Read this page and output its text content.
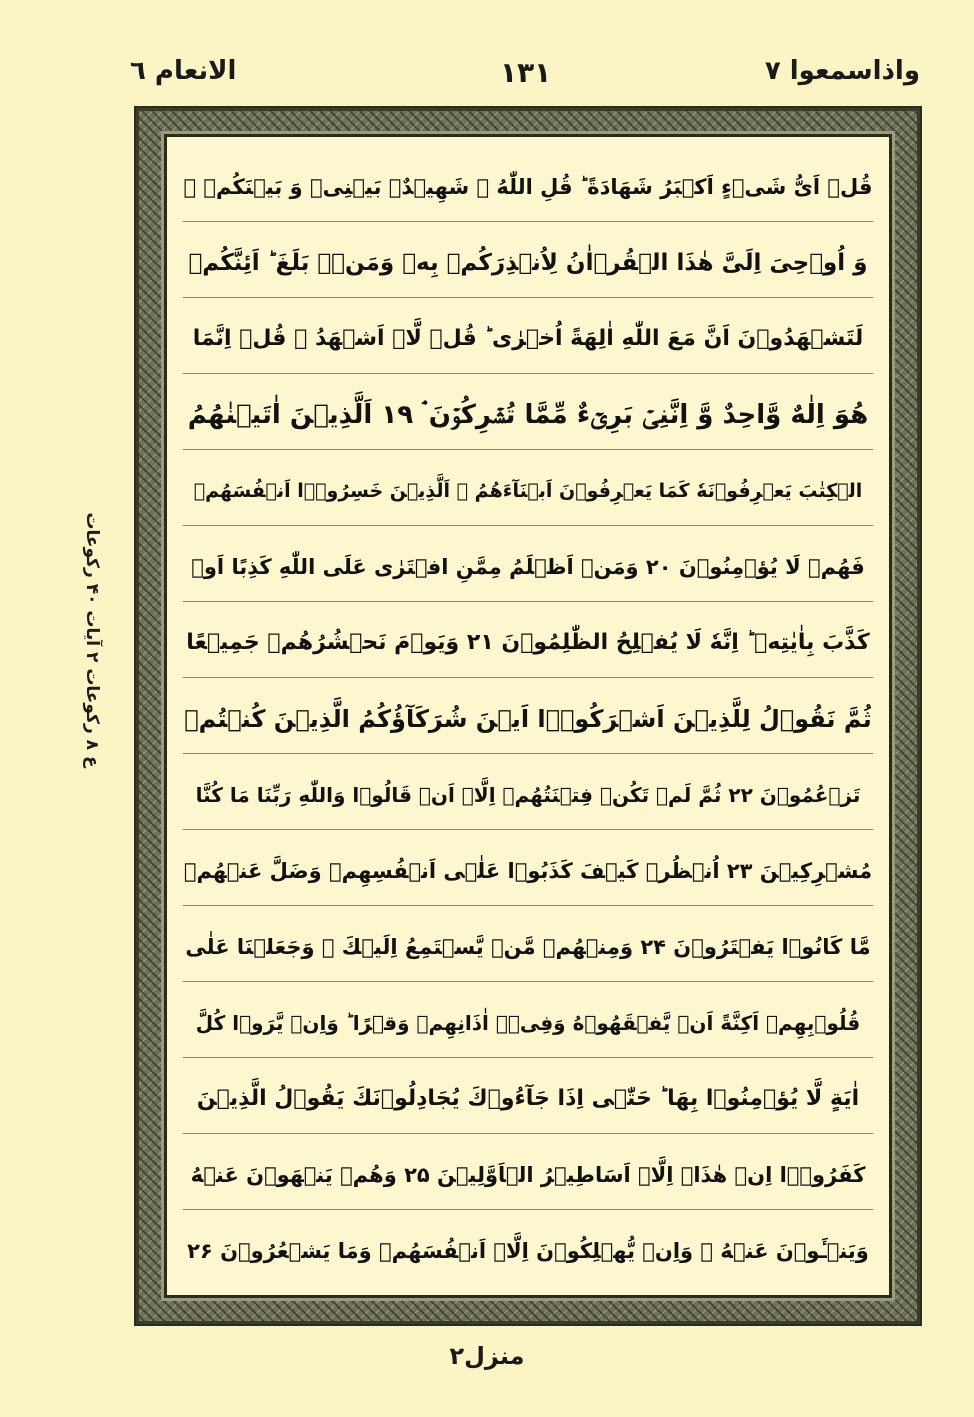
الانعام ٦	١٣١	واذاسمعوا ٧
ع ٨ ركوعات ۲ آیات ۴۰ رکوعات
قُلۡ اَیُّ شَیۡءٍ اَکۡبَرُ شَهَادَةً ؕ قُلِ اللّٰهُ ۟ شَهِیۡدٌۢ بَیۡنِیۡ وَ بَیۡنَكُمۡ ۟
وَ اُوۡحِیَ اِلَیَّ هٰذَا الۡقُرۡاٰنُ لِاُنۡذِرَكُمۡ بِهٖ وَمَنۡۢ بَلَغَ ؕ اَئِنَّكُمۡ
لَتَشۡهَدُوۡنَ اَنَّ مَعَ اللّٰهِ اٰلِهَةً اُخۡرٰی ؕ قُلۡ لَّاۤ اَشۡهَدُ ۚ قُلۡ اِنَّمَا
هُوَ اِلٰهٌ وَّاحِدٌ وَّ اِنَّنِیۡ بَرِیۡٓءٌ مِّمَّا تُشۡرِكُوۡنَ ۘ ۱۹ اَلَّذِیۡنَ اٰتَیۡنٰهُمُ
الۡكِتٰبَ یَعۡرِفُوۡنَهٗ كَمَا یَعۡرِفُوۡنَ اَبۡنَآءَهُمُ ۘ اَلَّذِیۡنَ خَسِرُوۡۤا اَنۡفُسَهُمۡ
فَهُمۡ لَا یُؤۡمِنُوۡنَ ۲۰ وَمَنۡ اَظۡلَمُ مِمَّنِ افۡتَرٰی عَلَی اللّٰهِ كَذِبًا اَوۡ
كَذَّبَ بِاٰیٰتِهٖ ؕ اِنَّهٗ لَا یُفۡلِحُ الظّٰلِمُوۡنَ ۲۱ وَیَوۡمَ نَحۡشُرُهُمۡ جَمِیۡعًا
ثُمَّ نَقُوۡلُ لِلَّذِیۡنَ اَشۡرَكُوۡۤا اَیۡنَ شُرَكَآؤُكُمُ الَّذِیۡنَ كُنۡتُمۡ
تَزۡعُمُوۡنَ ۲۲ ثُمَّ لَمۡ تَكُنۡ فِتۡنَتُهُمۡ اِلَّاۤ اَنۡ قَالُوۡا وَاللّٰهِ رَبِّنَا مَا كُنَّا
مُشۡرِكِیۡنَ ۲۳ اُنۡظُرۡ كَیۡفَ كَذَبُوۡا عَلٰۤی اَنۡفُسِهِمۡ وَضَلَّ عَنۡهُمۡ
مَّا كَانُوۡا یَفۡتَرُوۡنَ ۲۴ وَمِنۡهُمۡ مَّنۡ یَّسۡتَمِعُ اِلَیۡكَ ۚ وَجَعَلۡنَا عَلٰی
قُلُوۡبِهِمۡ اَكِنَّةً اَنۡ یَّفۡقَهُوۡهُ وَفِیۡۤ اٰذَانِهِمۡ وَقۡرًا ؕ وَاِنۡ یَّرَوۡا كُلَّ
اٰیَةٍ لَّا یُؤۡمِنُوۡا بِهَا ؕ حَتّٰۤی اِذَا جَآءُوۡكَ یُجَادِلُوۡنَكَ یَقُوۡلُ الَّذِیۡنَ
كَفَرُوۡۤا اِنۡ هٰذَاۤ اِلَّاۤ اَسَاطِیۡرُ الۡاَوَّلِیۡنَ ۲۵ وَهُمۡ یَنۡهَوۡنَ عَنۡهُ
وَیَنۡـَٔوۡنَ عَنۡهُ ۚ وَاِنۡ یُّهۡلِكُوۡنَ اِلَّاۤ اَنۡفُسَهُمۡ وَمَا یَشۡعُرُوۡنَ ۲۶
منزل۲
